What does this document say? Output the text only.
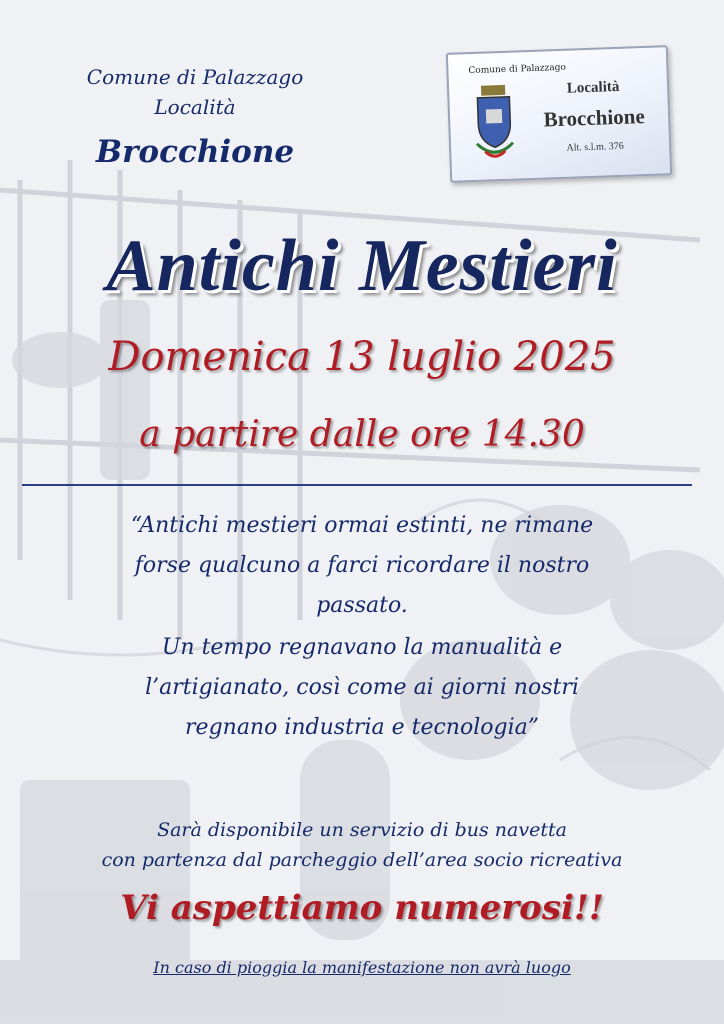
Comune di Palazzago

Località

Brocchione

Comune di Palazzago
Località
Brocchione
Alt. s.l.m. 376

Antichi Mestieri

Domenica 13 luglio 2025

a partire dalle ore 14.30

“Antichi mestieri ormai estinti, ne rimane

forse qualcuno a farci ricordare il nostro

passato.

Un tempo regnavano la manualità e

l’artigianato, così come ai giorni nostri

regnano industria e tecnologia”

Sarà disponibile un servizio di bus navetta

con partenza dal parcheggio dell’area socio ricreativa

Vi aspettiamo numerosi!!

In caso di pioggia la manifestazione non avrà luogo
